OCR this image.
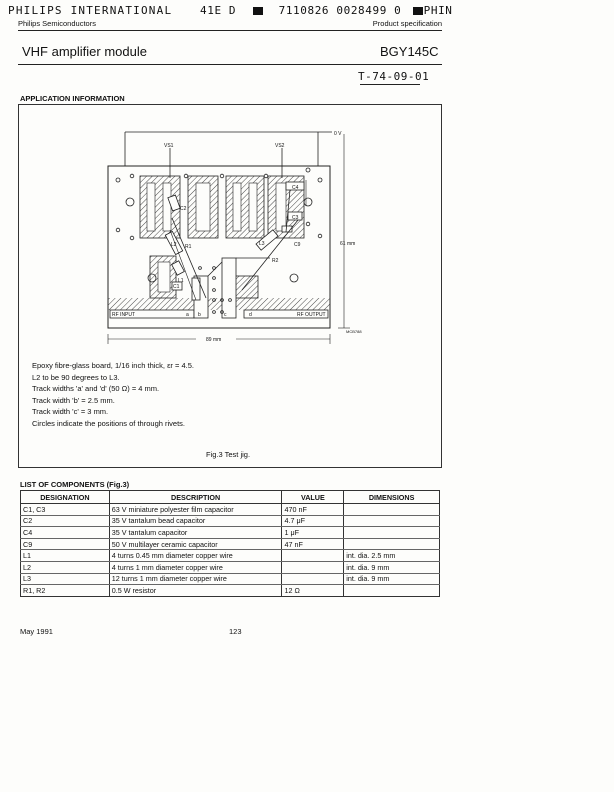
PHILIPS INTERNATIONAL	41E D	7110826 0028499 0 PHIN
Philips Semiconductors	Product specification
VHF amplifier module	BGY145C
T-74-09-01
APPLICATION INFORMATION
0 V
VS1	VS2
C2
C4
C3
C9
L2 R1	L3
R2
L1
C1
a b	c	d
RF INPUT	RF OUTPUT
61 mm
89 mm
MCB788
Epoxy fibre-glass board, 1/16 inch thick, εr = 4.5.
L2 to be 90 degrees to L3.
Track widths 'a' and 'd' (50 Ω) = 4 mm.
Track width 'b' = 2.5 mm.
Track width 'c' = 3 mm.
Circles indicate the positions of through rivets.
Fig.3 Test jig.
LIST OF COMPONENTS (Fig.3)
DESIGNATION	DESCRIPTION	VALUE	DIMENSIONS
C1, C3	63 V miniature polyester film capacitor	470 nF	
C2	35 V tantalum bead capacitor	4.7 μF	
C4	35 V tantalum capacitor	1 μF	
C9	50 V multilayer ceramic capacitor	47 nF	
L1	4 turns 0.45 mm diameter copper wire		int. dia. 2.5 mm
L2	4 turns 1 mm diameter copper wire		int. dia. 9 mm
L3	12 turns 1 mm diameter copper wire		int. dia. 9 mm
R1, R2	0.5 W resistor	12 Ω	
May 1991	123
